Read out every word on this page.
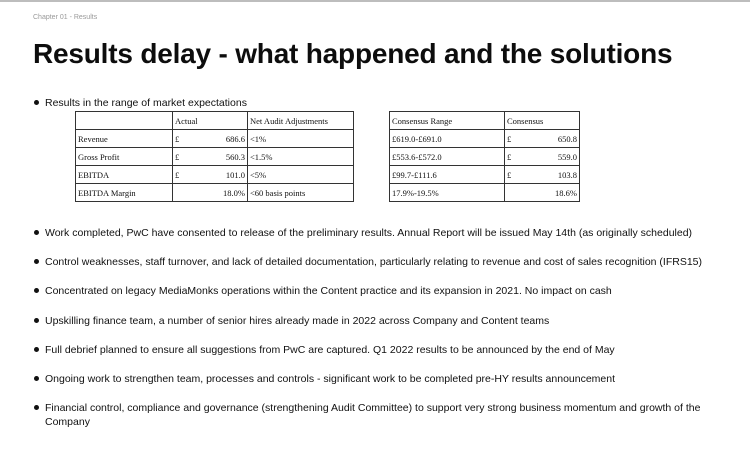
Chapter 01 - Results
Results delay - what happened and the solutions
Results in the range of market expectations
	Actual	Net Audit Adjustments
Revenue	£ 686.6	<1%
Gross Profit	£ 560.3	<1.5%
EBITDA	£ 101.0	<5%
EBITDA Margin	18.0%	<60 basis points
Consensus Range	Consensus
£619.0-£691.0	£ 650.8

£553.6-£572.0	£ 559.0

£99.7-£111.6	£ 103.8

17.9%-19.5%	18.6%
Work completed, PwC have consented to release of the preliminary results. Annual Report will be issued May 14th (as originally scheduled)
Control weaknesses, staff turnover, and lack of detailed documentation, particularly relating to revenue and cost of sales recognition (IFRS15)
Concentrated on legacy MediaMonks operations within the Content practice and its expansion in 2021. No impact on cash
Upskilling finance team, a number of senior hires already made in 2022 across Company and Content teams
Full debrief planned to ensure all suggestions from PwC are captured. Q1 2022 results to be announced by the end of May
Ongoing work to strengthen team, processes and controls - significant work to be completed pre-HY results announcement
Financial control, compliance and governance (strengthening Audit Committee) to support very strong business momentum and growth of the Company
